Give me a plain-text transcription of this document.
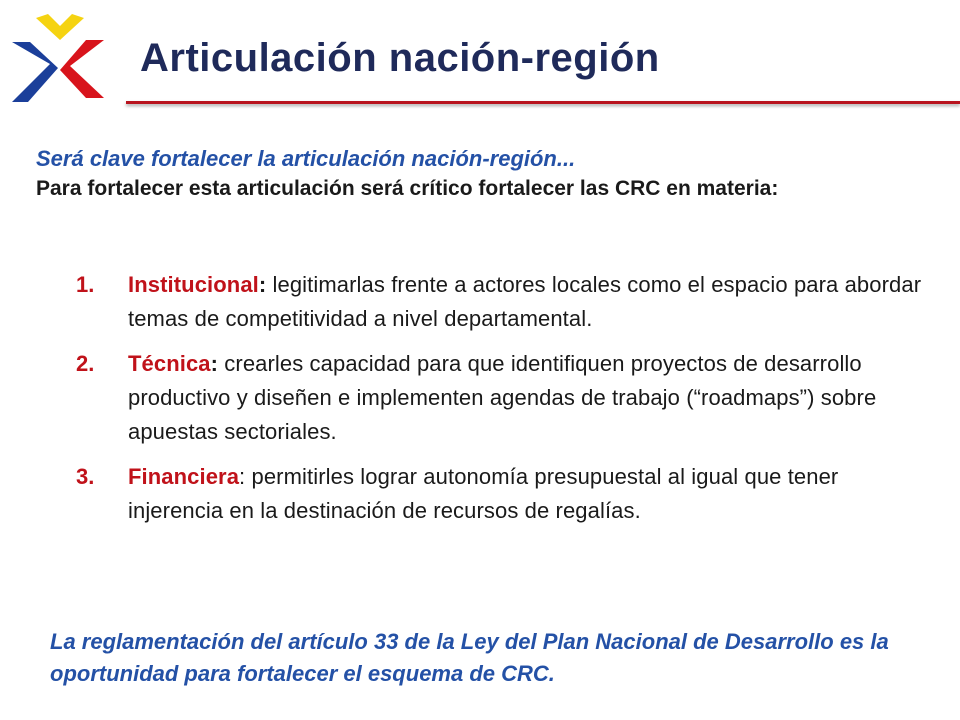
Articulación nación-región

Será clave fortalecer la articulación nación-región...

Para fortalecer esta articulación será crítico fortalecer las CRC en materia:

1.	Institucional: legitimarlas frente a actores locales como el espacio para abordar temas de competitividad a nivel departamental.
2.	Técnica: crearles capacidad para que identifiquen proyectos de desarrollo productivo y diseñen e implementen agendas de trabajo (“roadmaps”) sobre apuestas sectoriales.
3.	Financiera: permitirles lograr autonomía presupuestal al igual que tener injerencia en la destinación de recursos de regalías.

La reglamentación del artículo 33 de la Ley del Plan Nacional de Desarrollo es la oportunidad para fortalecer el esquema de CRC.
